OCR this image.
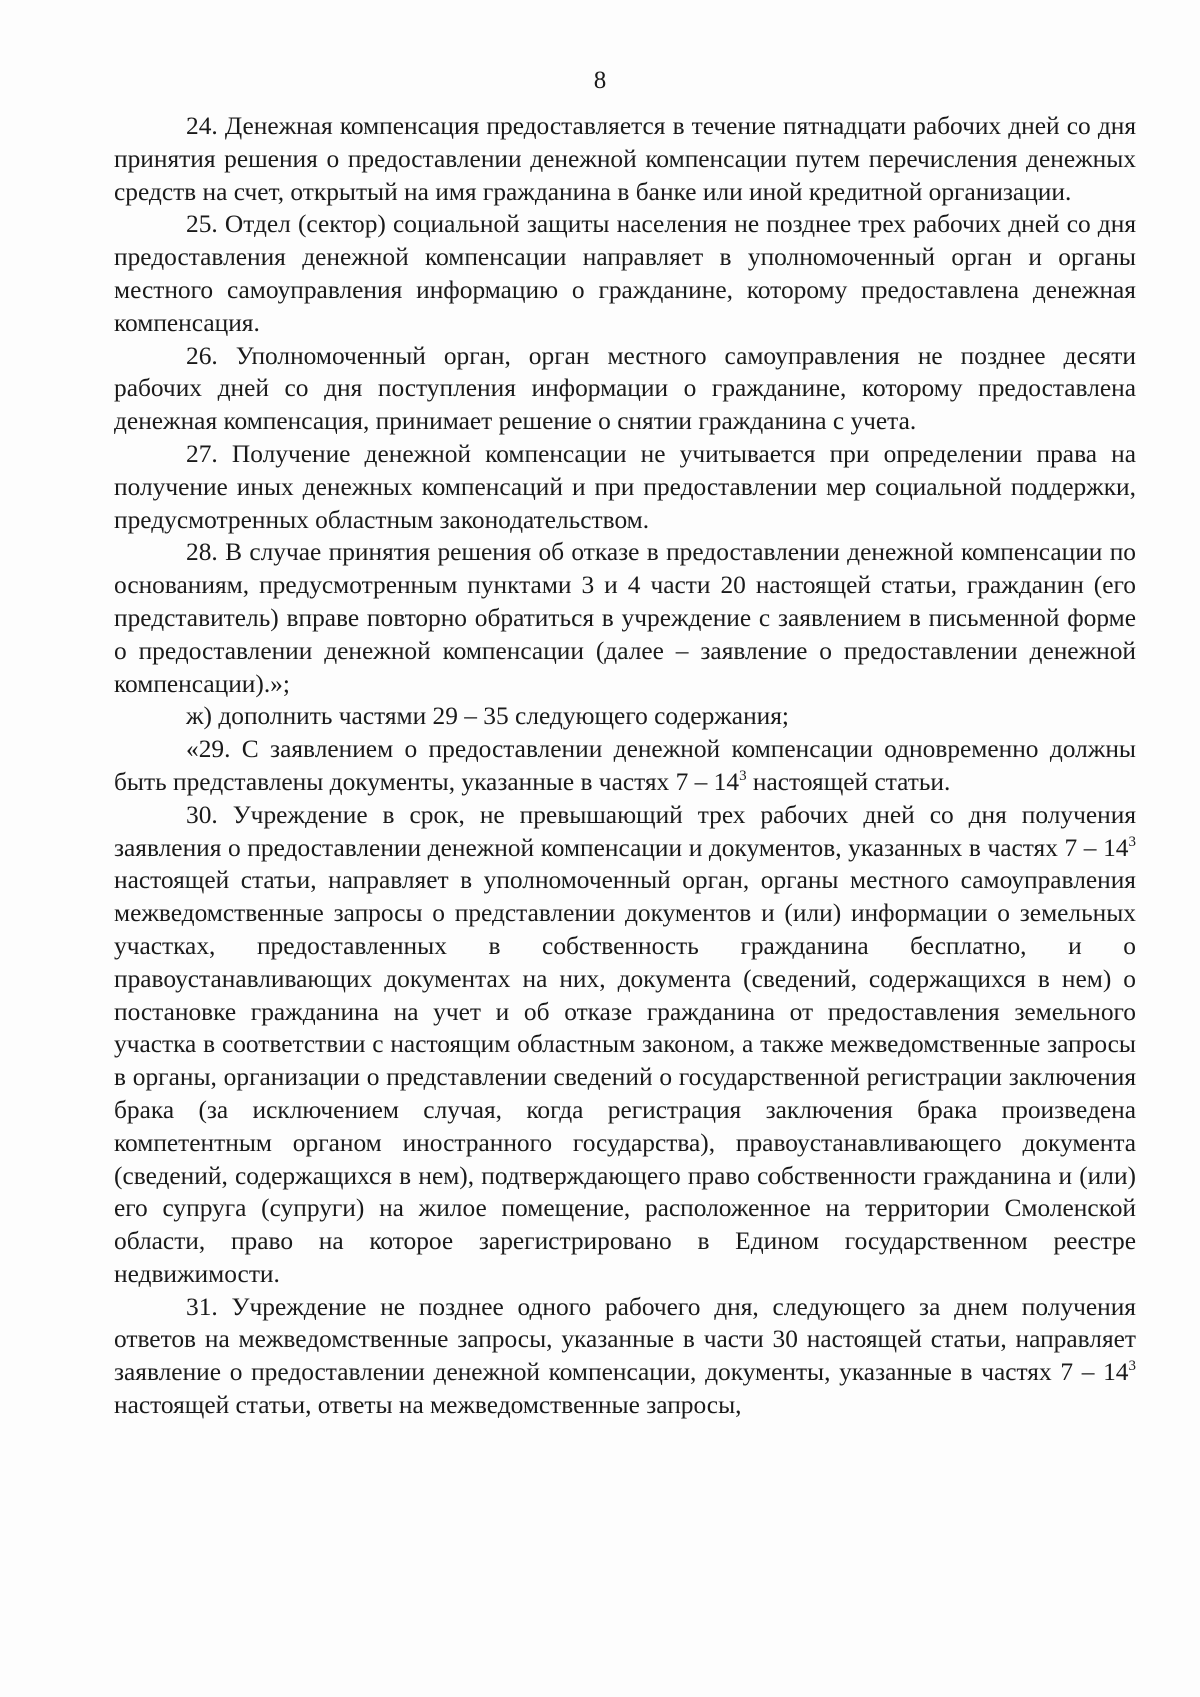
8

24. Денежная компенсация предоставляется в течение пятнадцати рабочих дней со дня принятия решения о предоставлении денежной компенсации путем перечисления денежных средств на счет, открытый на имя гражданина в банке или иной кредитной организации.

25. Отдел (сектор) социальной защиты населения не позднее трех рабочих дней со дня предоставления денежной компенсации направляет в уполномоченный орган и органы местного самоуправления информацию о гражданине, которому предоставлена денежная компенсация.

26. Уполномоченный орган, орган местного самоуправления не позднее десяти рабочих дней со дня поступления информации о гражданине, которому предоставлена денежная компенсация, принимает решение о снятии гражданина с учета.

27. Получение денежной компенсации не учитывается при определении права на получение иных денежных компенсаций и при предоставлении мер социальной поддержки, предусмотренных областным законодательством.

28. В случае принятия решения об отказе в предоставлении денежной компенсации по основаниям, предусмотренным пунктами 3 и 4 части 20 настоящей статьи, гражданин (его представитель) вправе повторно обратиться в учреждение с заявлением в письменной форме о предоставлении денежной компенсации (далее – заявление о предоставлении денежной компенсации).»;

ж) дополнить частями 29 – 35 следующего содержания;

«29. С заявлением о предоставлении денежной компенсации одновременно должны быть представлены документы, указанные в частях $7 - 14^3$ настоящей статьи.

30. Учреждение в срок, не превышающий трех рабочих дней со дня получения заявления о предоставлении денежной компенсации и документов, указанных в частях $7 - 14^3$ настоящей статьи, направляет в уполномоченный орган, органы местного самоуправления межведомственные запросы о представлении документов и (или) информации о земельных участках, предоставленных в собственность гражданина бесплатно, и о правоустанавливающих документах на них, документа (сведений, содержащихся в нем) о постановке гражданина на учет и об отказе гражданина от предоставления земельного участка в соответствии с настоящим областным законом, а также межведомственные запросы в органы, организации о представлении сведений о государственной регистрации заключения брака (за исключением случая, когда регистрация заключения брака произведена компетентным органом иностранного государства), правоустанавливающего документа (сведений, содержащихся в нем), подтверждающего право собственности гражданина и (или) его супруга (супруги) на жилое помещение, расположенное на территории Смоленской области, право на которое зарегистрировано в Едином государственном реестре недвижимости.

31. Учреждение не позднее одного рабочего дня, следующего за днем получения ответов на межведомственные запросы, указанные в части 30 настоящей статьи, направляет заявление о предоставлении денежной компенсации, документы, указанные в частях $7 - 14^3$ настоящей статьи, ответы на межведомственные запросы,
